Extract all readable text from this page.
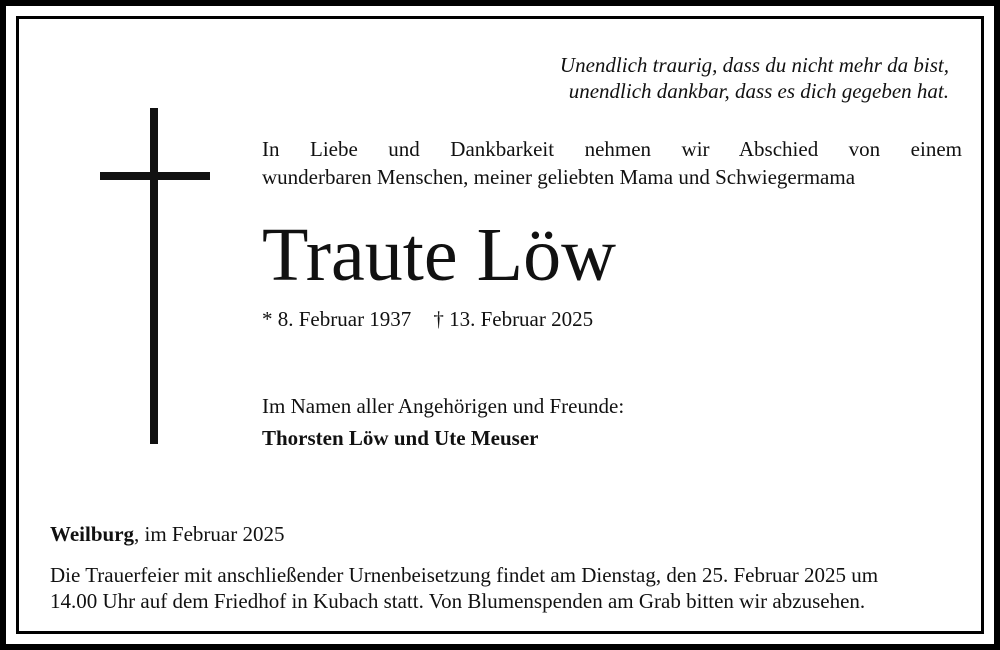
Unendlich traurig, dass du nicht mehr da bist,
unendlich dankbar, dass es dich gegeben hat.
In Liebe und Dankbarkeit nehmen wir Abschied von einem
wunderbaren Menschen, meiner geliebten Mama und Schwiegermama
Traute Löw
* 8. Februar 1937 † 13. Februar 2025
Im Namen aller Angehörigen und Freunde:
Thorsten Löw und Ute Meuser
Weilburg, im Februar 2025
Die Trauerfeier mit anschließender Urnenbeisetzung findet am Dienstag, den 25. Februar 2025 um
14.00 Uhr auf dem Friedhof in Kubach statt. Von Blumenspenden am Grab bitten wir abzusehen.
